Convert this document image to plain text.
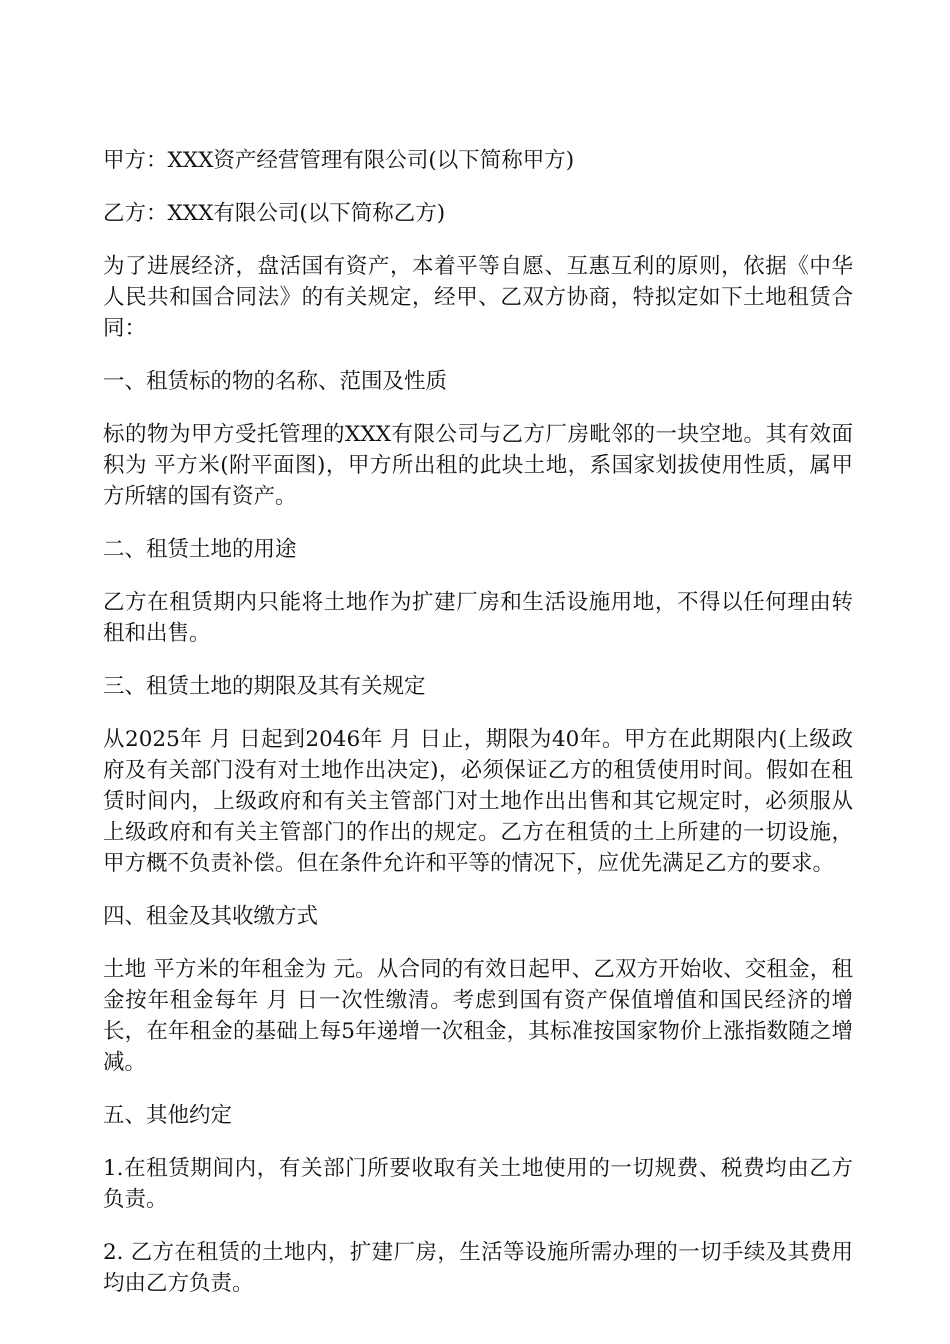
甲方：XXX资产经营管理有限公司(以下简称甲方)

乙方：XXX有限公司(以下简称乙方)

为了进展经济，盘活国有资产，本着平等自愿、互惠互利的原则，依据《中华人民共和国合同法》的有关规定，经甲、乙双方协商，特拟定如下土地租赁合同：

一、租赁标的物的名称、范围及性质

标的物为甲方受托管理的XXX有限公司与乙方厂房毗邻的一块空地。其有效面积为 平方米(附平面图)，甲方所出租的此块土地，系国家划拔使用性质，属甲方所辖的国有资产。

二、租赁土地的用途

乙方在租赁期内只能将土地作为扩建厂房和生活设施用地，不得以任何理由转租和出售。

三、租赁土地的期限及其有关规定

从2025年 月 日起到2046年 月 日止，期限为40年。甲方在此期限内(上级政府及有关部门没有对土地作出决定)，必须保证乙方的租赁使用时间。假如在租赁时间内，上级政府和有关主管部门对土地作出出售和其它规定时，必须服从上级政府和有关主管部门的作出的规定。乙方在租赁的土上所建的一切设施，甲方概不负责补偿。但在条件允许和平等的情况下，应优先满足乙方的要求。

四、租金及其收缴方式

土地 平方米的年租金为 元。从合同的有效日起甲、乙双方开始收、交租金，租金按年租金每年 月 日一次性缴清。考虑到国有资产保值增值和国民经济的增长，在年租金的基础上每5年递增一次租金，其标准按国家物价上涨指数随之增减。

五、其他约定

1.在租赁期间内，有关部门所要收取有关土地使用的一切规费、税费均由乙方负责。

2. 乙方在租赁的土地内，扩建厂房，生活等设施所需办理的一切手续及其费用均由乙方负责。
